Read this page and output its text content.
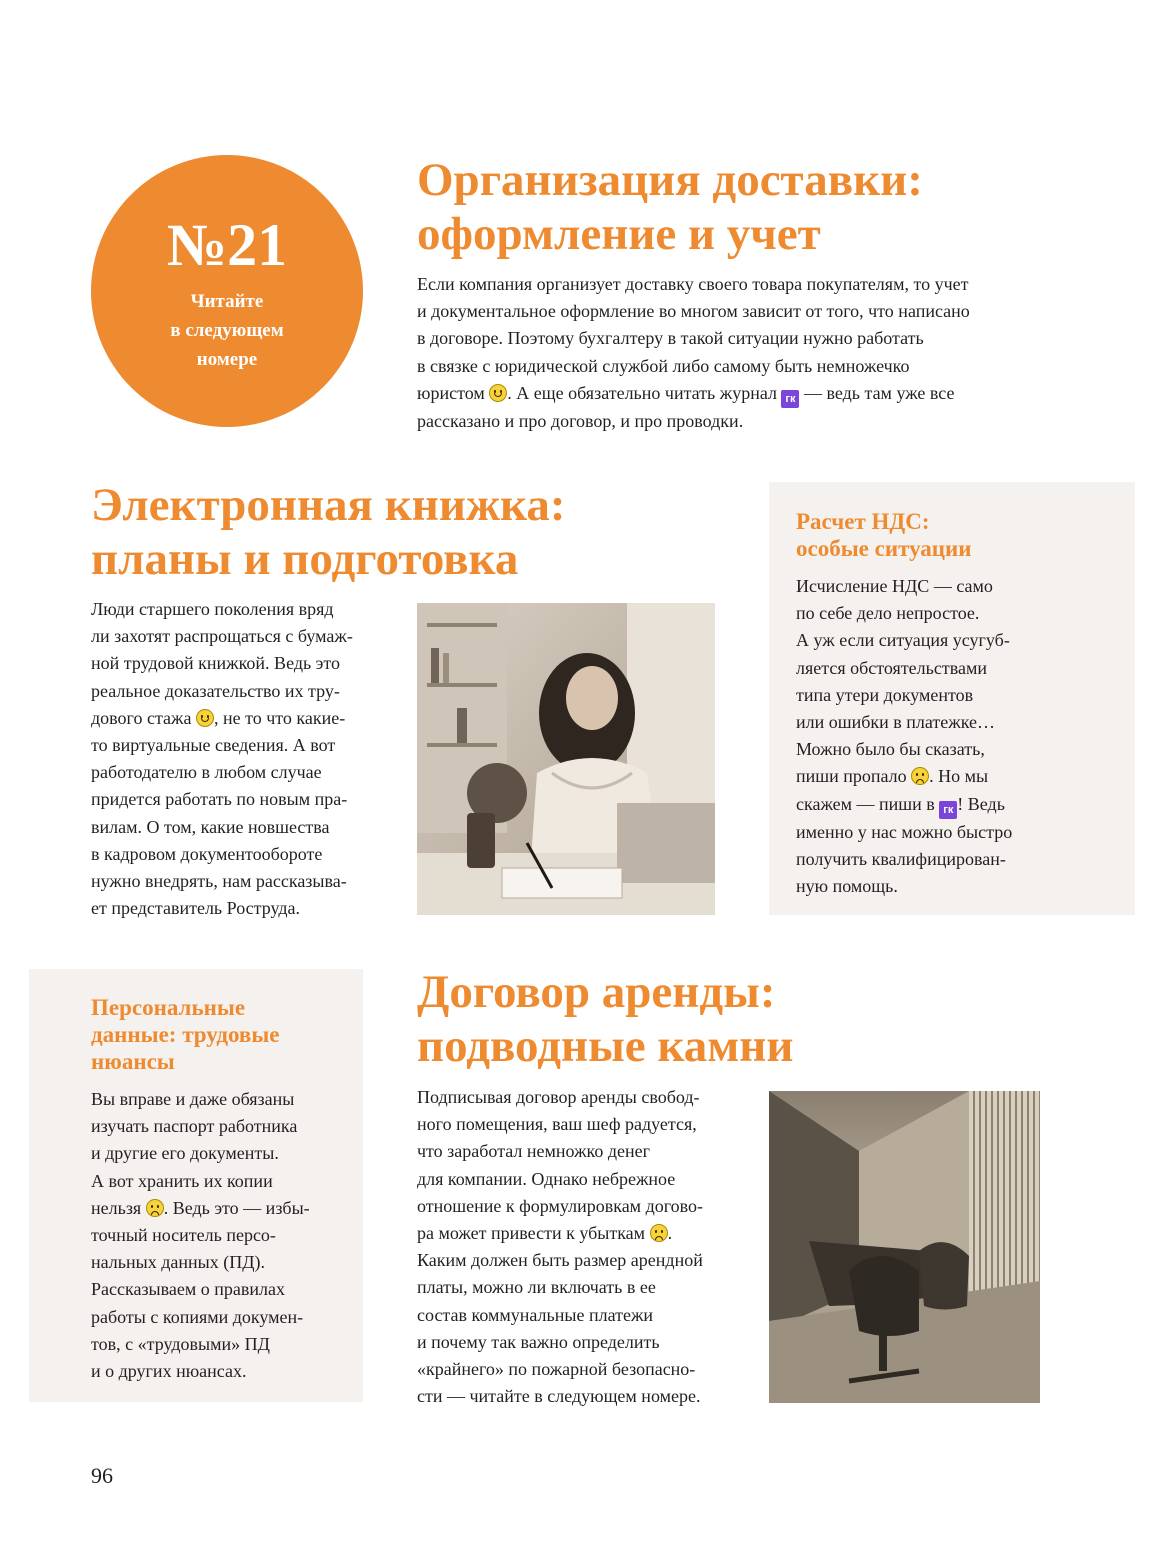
№21
Читайте
в следующем
номере
Организация доставки:
оформление и учет

Если компания организует доставку своего товара покупателям, то учет
и документальное оформление во многом зависит от того, что написано
в договоре. Поэтому бухгалтеру в такой ситуации нужно работать
в связке с юридической службой либо самому быть немножечко
юристом
. А еще обязательно читать журнал гк — ведь там уже все
рассказано и про договор, и про проводки.

Электронная книжка:
планы и подготовка

Люди старшего поколения вряд
ли захотят распрощаться с бумаж-
ной трудовой книжкой. Ведь это
реальное доказательство их тру-
дового стажа
, не то что какие-
то виртуальные сведения. А вот
работодателю в любом случае
придется работать по новым пра-
вилам. О том, какие новшества
в кадровом документообороте
нужно внедрять, нам рассказыва-
ет представитель Роструда.

Расчет НДС:
особые ситуации

Исчисление НДС — само
по себе дело непростое.
А уж если ситуация усугуб-
ляется обстоятельствами
типа утери документов
или ошибки в платежке…
Можно было бы сказать,
пиши пропало
. Но мы
скажем — пиши в гк ! Ведь
именно у нас можно быстро
получить квалифицирован-
ную помощь.

Персональные
данные: трудовые
нюансы

Вы вправе и даже обязаны
изучать паспорт работника
и другие его документы.
А вот хранить их копии
нельзя
. Ведь это — избы-
точный носитель персо-
нальных данных (ПД).
Рассказываем о правилах
работы с копиями докумен-
тов, с «трудовыми» ПД
и о других нюансах.

Договор аренды:
подводные камни

Подписывая договор аренды свобод-
ного помещения, ваш шеф радуется,
что заработал немножко денег
для компании. Однако небрежное
отношение к формулировкам догово-
ра может привести к убыткам
.
Каким должен быть размер арендной
платы, можно ли включать в ее
состав коммунальные платежи
и почему так важно определить
«крайнего» по пожарной безопасно-
сти — читайте в следующем номере.

96
